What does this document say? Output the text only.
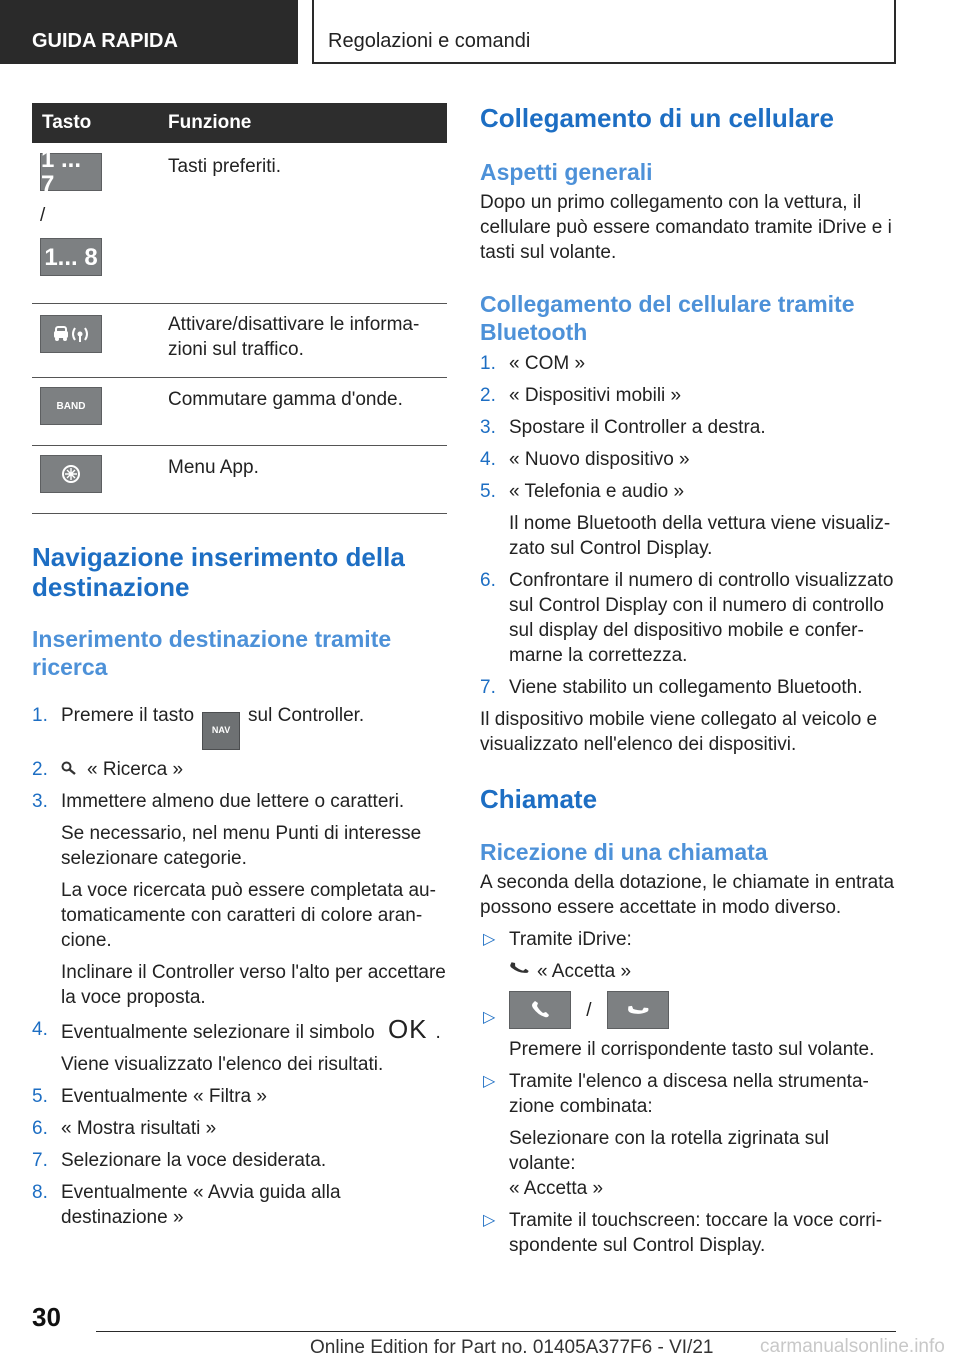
GUIDA RAPIDA	Regolazioni e comandi
Tasto	Funzione

1 ... 7
/
1... 8	Tasti preferiti.

	Attivare/disattivare le informa-zioni sul traffico.

BAND	Commutare gamma d'onde.

	Menu App.
Navigazione inserimento della destinazione
Inserimento destinazione tramite ricerca
1. Premere il tastoNAVsul Controller.
2. « Ricerca »
3. Immettere almeno due lettere o caratteri.
Se necessario, nel menu Punti di interesse selezionare categorie.
La voce ricercata può essere completata au-tomaticamente con caratteri di colore aran-cione.
Inclinare il Controller verso l'alto per accettare la voce proposta.
4. Eventualmente selezionare il simbolo OK .
Viene visualizzato l'elenco dei risultati.
5. Eventualmente « Filtra »
6. « Mostra risultati »
7. Selezionare la voce desiderata.
8. Eventualmente « Avvia guida alla destinazione »
Collegamento di un cellulare
Aspetti generali

Dopo un primo collegamento con la vettura, il cellulare può essere comandato tramite iDrive e i tasti sul volante.

Collegamento del cellulare tramite Bluetooth
1. « COM »
2. « Dispositivi mobili »
3. Spostare il Controller a destra.
4. « Nuovo dispositivo »
5. « Telefonia e audio »
Il nome Bluetooth della vettura viene visualiz-zato sul Control Display.
6. Confrontare il numero di controllo visualizzato sul Control Display con il numero di controllo sul display del dispositivo mobile e confer-marne la correttezza.
7. Viene stabilito un collegamento Bluetooth.

Il dispositivo mobile viene collegato al veicolo e visualizzato nell'elenco dei dispositivi.

Chiamate
Ricezione di una chiamata

A seconda della dotazione, le chiamate in entrata possono essere accettate in modo diverso.

▷ Tramite iDrive:
« Accetta »
▷	/
Premere il corrispondente tasto sul volante.
▷ Tramite l'elenco a discesa nella strumenta-zione combinata:
Selezionare con la rotella zigrinata sul volante:
« Accetta »
▷ Tramite il touchscreen: toccare la voce corri-spondente sul Control Display.
30
Online Edition for Part no. 01405A377F6 - VI/21 carmanualsonline.info
